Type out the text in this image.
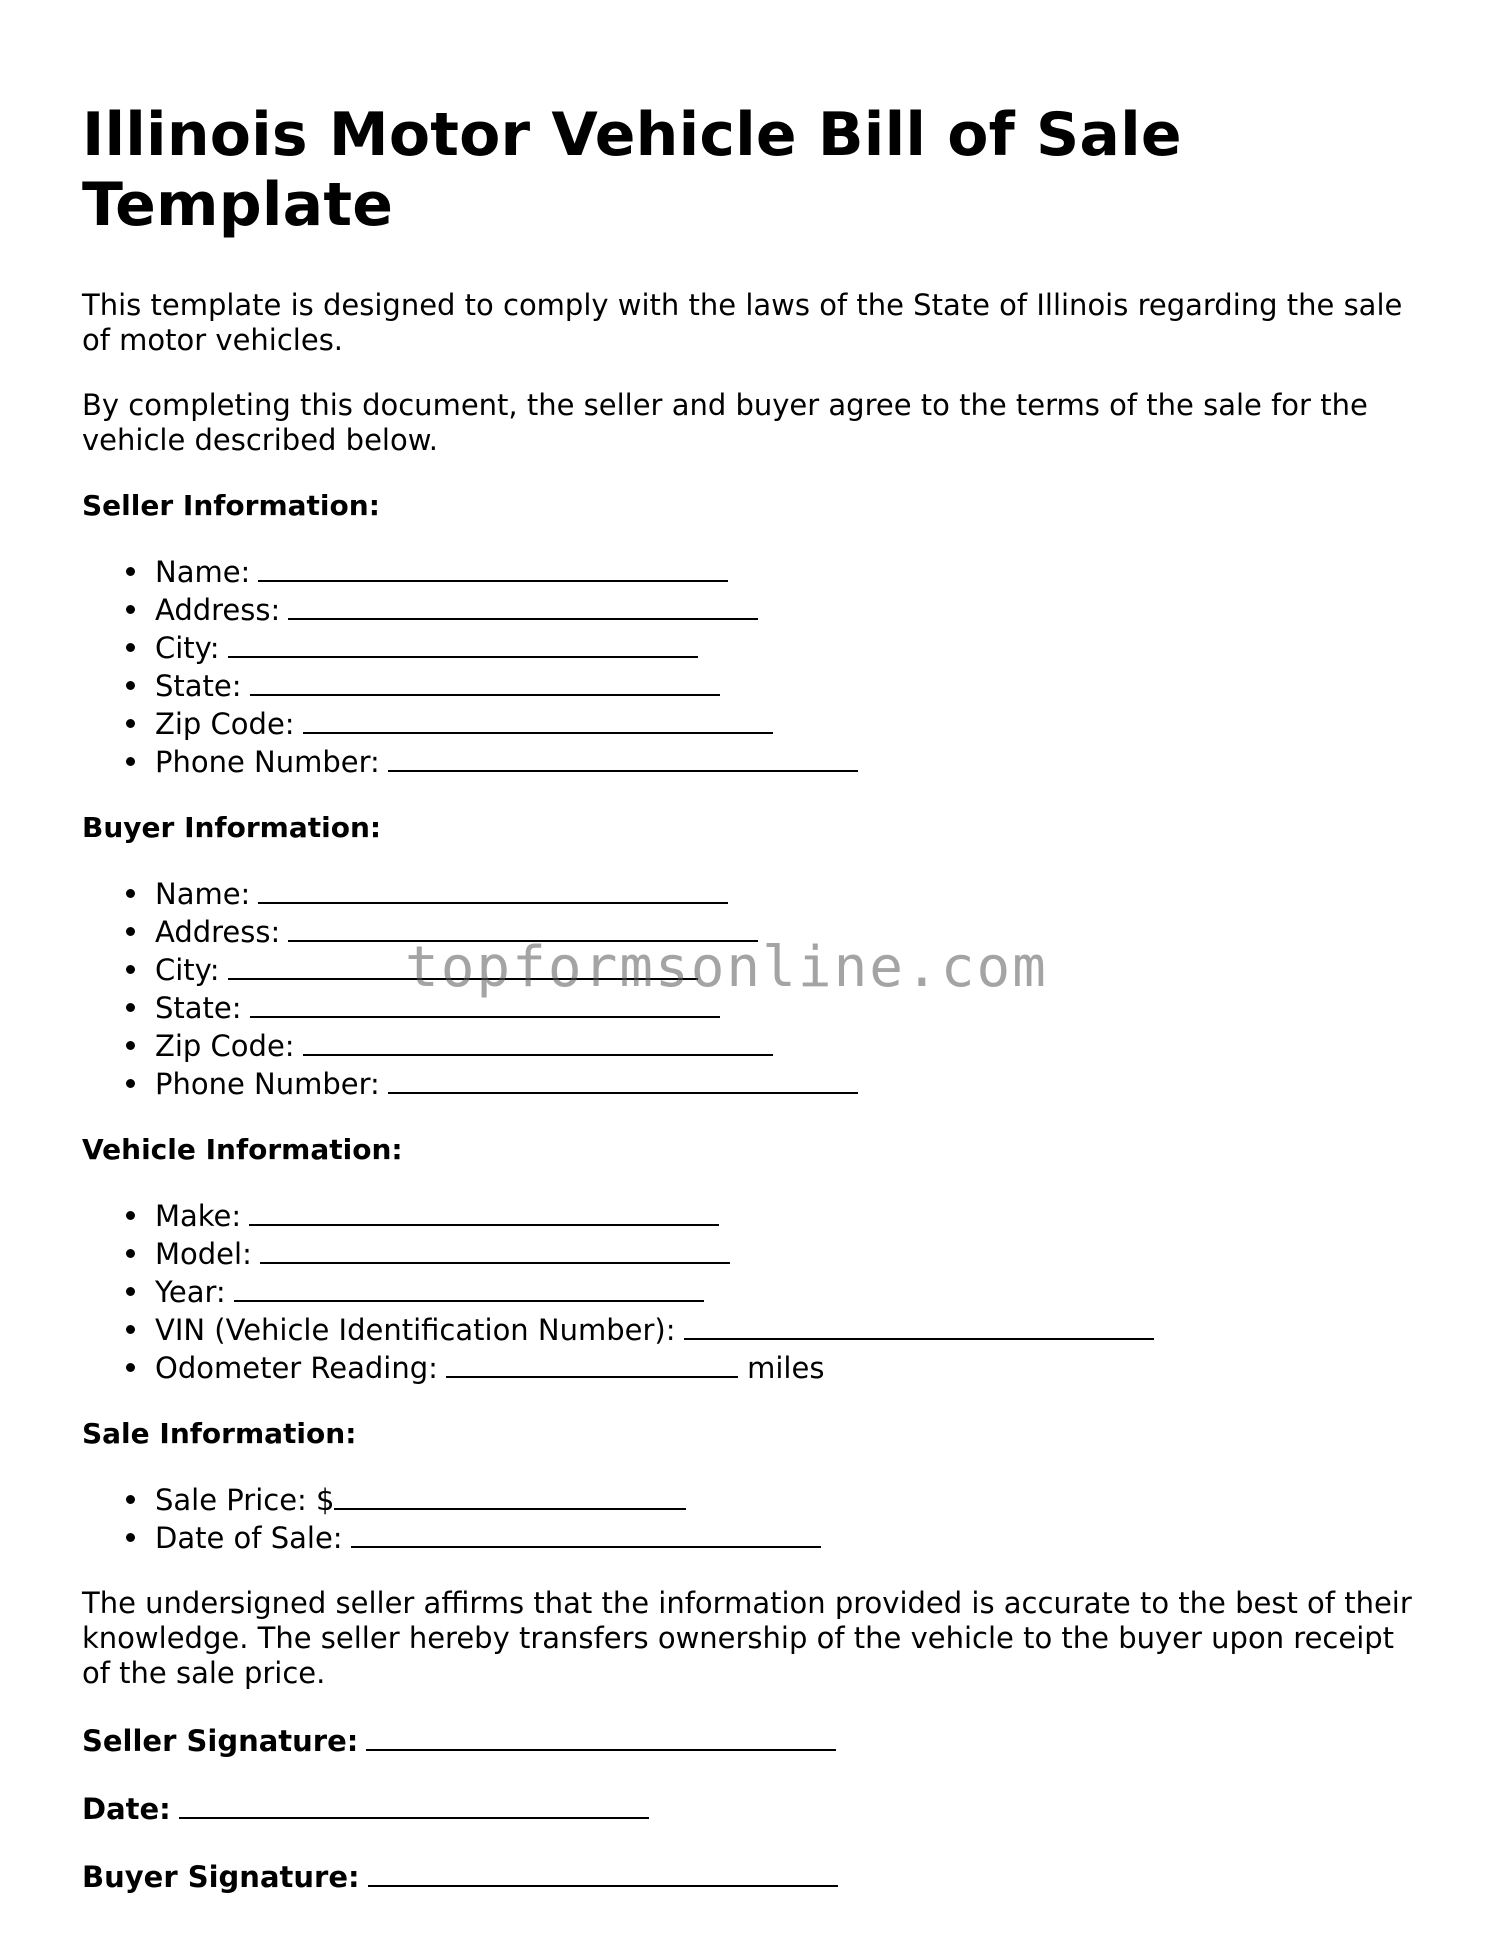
Illinois Motor Vehicle Bill of Sale Template

This template is designed to comply with the laws of the State of Illinois regarding the sale of motor vehicles.

By completing this document, the seller and buyer agree to the terms of the sale for the vehicle described below.

Seller Information:
Name:
Address:
City:
State:
Zip Code:
Phone Number:
Buyer Information:
Name:
Address:
City:
State:
Zip Code:
Phone Number:
Vehicle Information:
Make:
Model:
Year:
VIN (Vehicle Identification Number):
Odometer Reading:	miles
Sale Information:
Sale Price: $
Date of Sale:

The undersigned seller affirms that the information provided is accurate to the best of their knowledge. The seller hereby transfers ownership of the vehicle to the buyer upon receipt of the sale price.

Seller Signature:
Date:
Buyer Signature:
topformsonline.com
